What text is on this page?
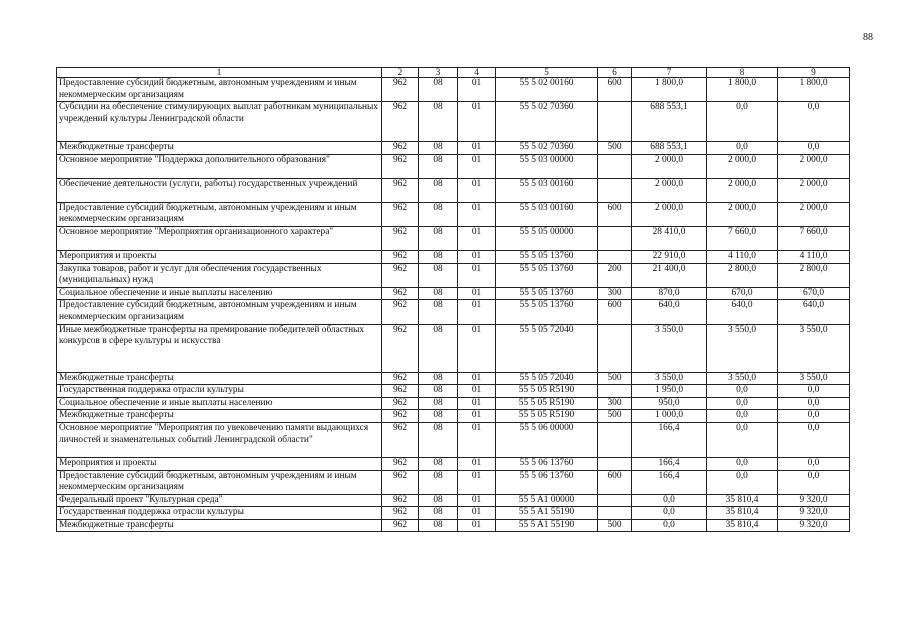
88
1	2	3	4	5	6	7	8	9
Предоставление субсидий бюджетным, автономным учреждениям и иным некоммерческим организациям	962	08	01	55 5 02 00160	600	1 800,0	1 800,0	1 800,0
Субсидии на обеспечение стимулирующих выплат работникам муниципальных учреждений культуры Ленинградской области	962	08	01	55 5 02 70360		688 553,1	0,0	0,0
Межбюджетные трансферты	962	08	01	55 5 02 70360	500	688 553,1	0,0	0,0
Основное мероприятие "Поддержка дополнительного образования"	962	08	01	55 5 03 00000		2 000,0	2 000,0	2 000,0
Обеспечение деятельности (услуги, работы) государственных учреждений	962	08	01	55 5 03 00160		2 000,0	2 000,0	2 000,0
Предоставление субсидий бюджетным, автономным учреждениям и иным некоммерческим организациям	962	08	01	55 5 03 00160	600	2 000,0	2 000,0	2 000,0
Основное мероприятие "Мероприятия организационного характера"	962	08	01	55 5 05 00000		28 410,0	7 660,0	7 660,0
Мероприятия и проекты	962	08	01	55 5 05 13760		22 910,0	4 110,0	4 110,0
Закупка товаров, работ и услуг для обеспечения государственных (муниципальных) нужд	962	08	01	55 5 05 13760	200	21 400,0	2 800,0	2 800,0
Социальное обеспечение и иные выплаты населению	962	08	01	55 5 05 13760	300	870,0	670,0	670,0
Предоставление субсидий бюджетным, автономным учреждениям и иным некоммерческим организациям	962	08	01	55 5 05 13760	600	640,0	640,0	640,0
Иные межбюджетные трансферты на премирование победителей областных конкурсов в сфере культуры и искусства	962	08	01	55 5 05 72040		3 550,0	3 550,0	3 550,0
Межбюджетные трансферты	962	08	01	55 5 05 72040	500	3 550,0	3 550,0	3 550,0
Государственная поддержка отрасли культуры	962	08	01	55 5 05 R5190		1 950,0	0,0	0,0
Социальное обеспечение и иные выплаты населению	962	08	01	55 5 05 R5190	300	950,0	0,0	0,0
Межбюджетные трансферты	962	08	01	55 5 05 R5190	500	1 000,0	0,0	0,0
Основное мероприятие "Мероприятия по увековечению памяти выдающихся личностей и знаменательных событий Ленинградской области"	962	08	01	55 5 06 00000		166,4	0,0	0,0
Мероприятия и проекты	962	08	01	55 5 06 13760		166,4	0,0	0,0
Предоставление субсидий бюджетным, автономным учреждениям и иным некоммерческим организациям	962	08	01	55 5 06 13760	600	166,4	0,0	0,0
Федеральный проект "Культурная среда"	962	08	01	55 5 A1 00000		0,0	35 810,4	9 320,0
Государственная поддержка отрасли культуры	962	08	01	55 5 A1 55190		0,0	35 810,4	9 320,0
Межбюджетные трансферты	962	08	01	55 5 A1 55190	500	0,0	35 810,4	9 320,0
